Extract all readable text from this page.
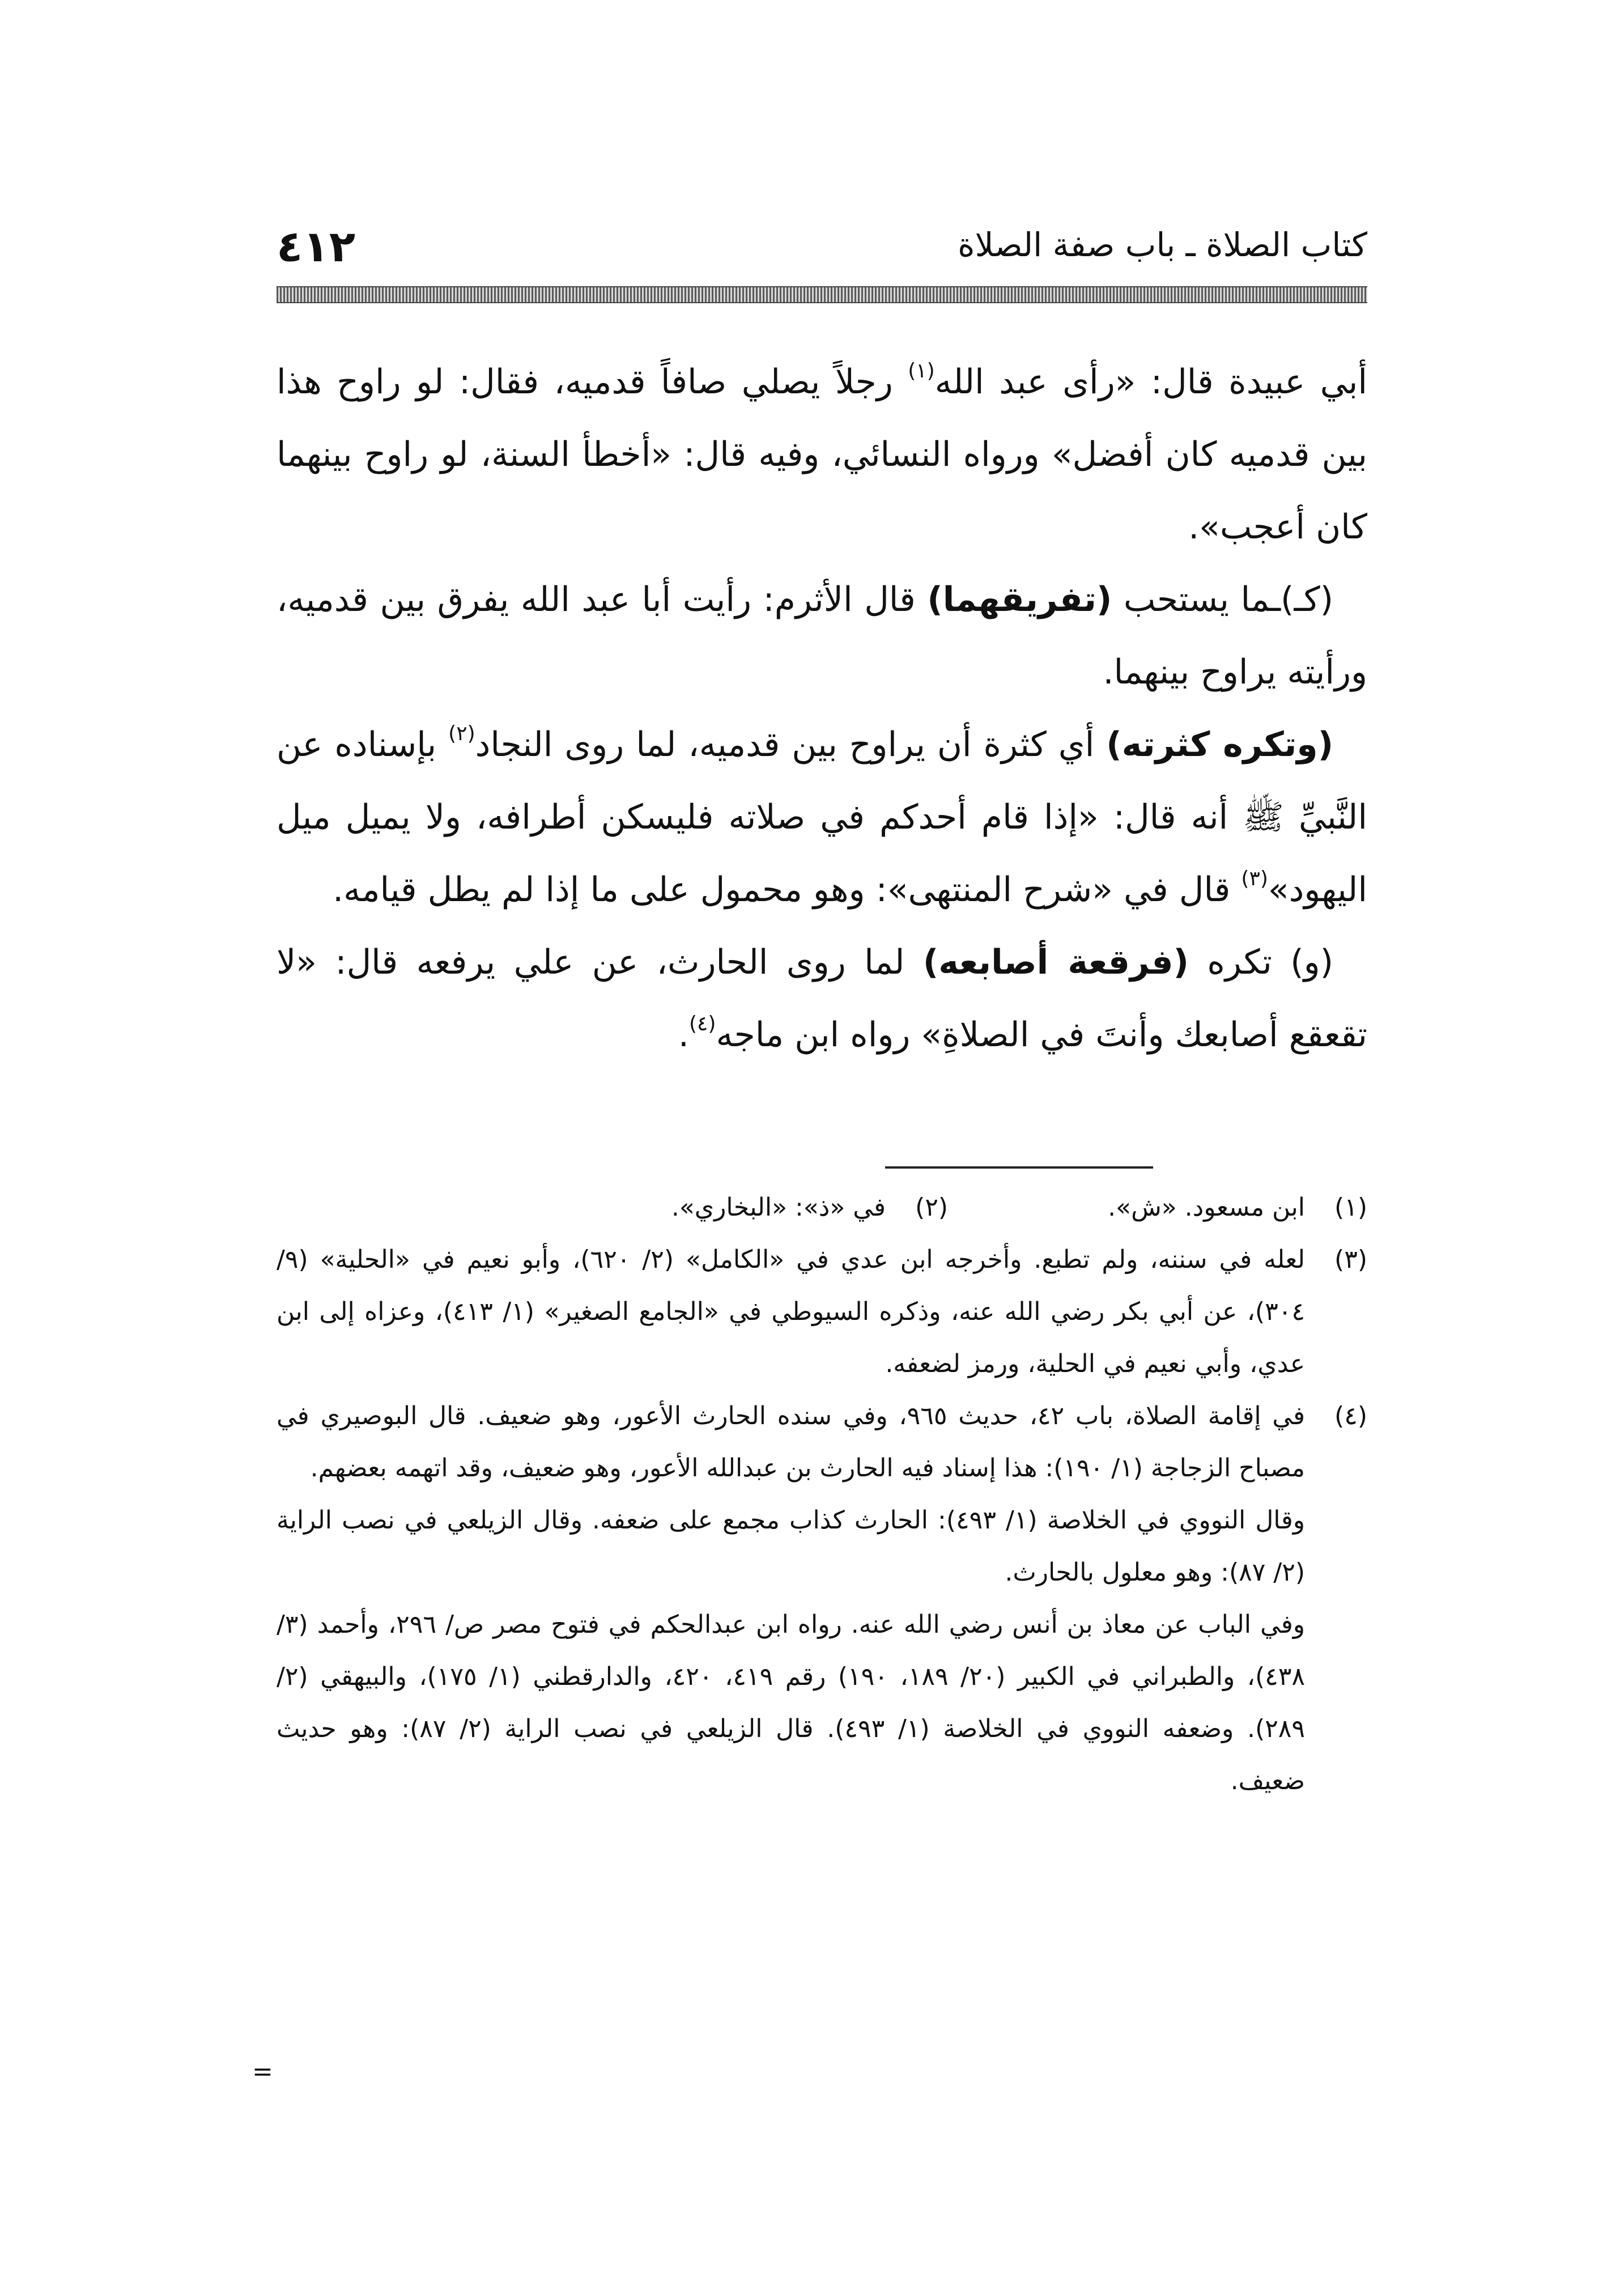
٤١٢	كتاب الصلاة ـ باب صفة الصلاة

أبي عبيدة قال: «رأى عبد الله$^{(١)}$ رجلاً يصلي صافاً قدميه، فقال: لو راوح هذا بين قدميه كان أفضل» ورواه النسائي، وفيه قال: «أخطأ السنة، لو راوح بينهما كان أعجب».

(كـ)ـما يستحب (تفريقهما) قال الأثرم: رأيت أبا عبد الله يفرق بين قدميه، ورأيته يراوح بينهما.

(وتكره كثرته) أي كثرة أن يراوح بين قدميه، لما روى النجاد$^{(٢)}$ بإسناده عن النَّبيِّ ﷺ أنه قال: «إذا قام أحدكم في صلاته فليسكن أطرافه، ولا يميل ميل اليهود»$^{(٣)}$ قال في «شرح المنتهى»: وهو محمول على ما إذا لم يطل قيامه.

(و) تكره (فرقعة أصابعه) لما روى الحارث، عن علي يرفعه قال: «لا تقعقع أصابعك وأنتَ في الصلاةِ» رواه ابن ماجه$^{(٤)}$.

(١)
ابن مسعود. «ش».
(٢)
في «ذ»: «البخاري».
(٣)
لعله في سننه، ولم تطبع. وأخرجه ابن عدي في «الكامل» (٢/ ٦٢٠)، وأبو نعيم في «الحلية» (٩/ ٣٠٤)، عن أبي بكر رضي الله عنه، وذكره السيوطي في «الجامع الصغير» (١/ ٤١٣)، وعزاه إلى ابن عدي، وأبي نعيم في الحلية، ورمز لضعفه.
(٤)
في إقامة الصلاة، باب ٤٢، حديث ٩٦٥، وفي سنده الحارث الأعور، وهو ضعيف. قال البوصيري في مصباح الزجاجة (١/ ١٩٠): هذا إسناد فيه الحارث بن عبدالله الأعور، وهو ضعيف، وقد اتهمه بعضهم.

وقال النووي في الخلاصة (١/ ٤٩٣): الحارث كذاب مجمع على ضعفه. وقال الزيلعي في نصب الراية (٢/ ٨٧): وهو معلول بالحارث.

وفي الباب عن معاذ بن أنس رضي الله عنه. رواه ابن عبدالحكم في فتوح مصر ص/ ٢٩٦، وأحمد (٣/ ٤٣٨)، والطبراني في الكبير (٢٠/ ١٨٩، ١٩٠) رقم ٤١٩، ٤٢٠، والدارقطني (١/ ١٧٥)، والبيهقي (٢/ ٢٨٩). وضعفه النووي في الخلاصة (١/ ٤٩٣). قال الزيلعي في نصب الراية (٢/ ٨٧): وهو حديث ضعيف.

=
